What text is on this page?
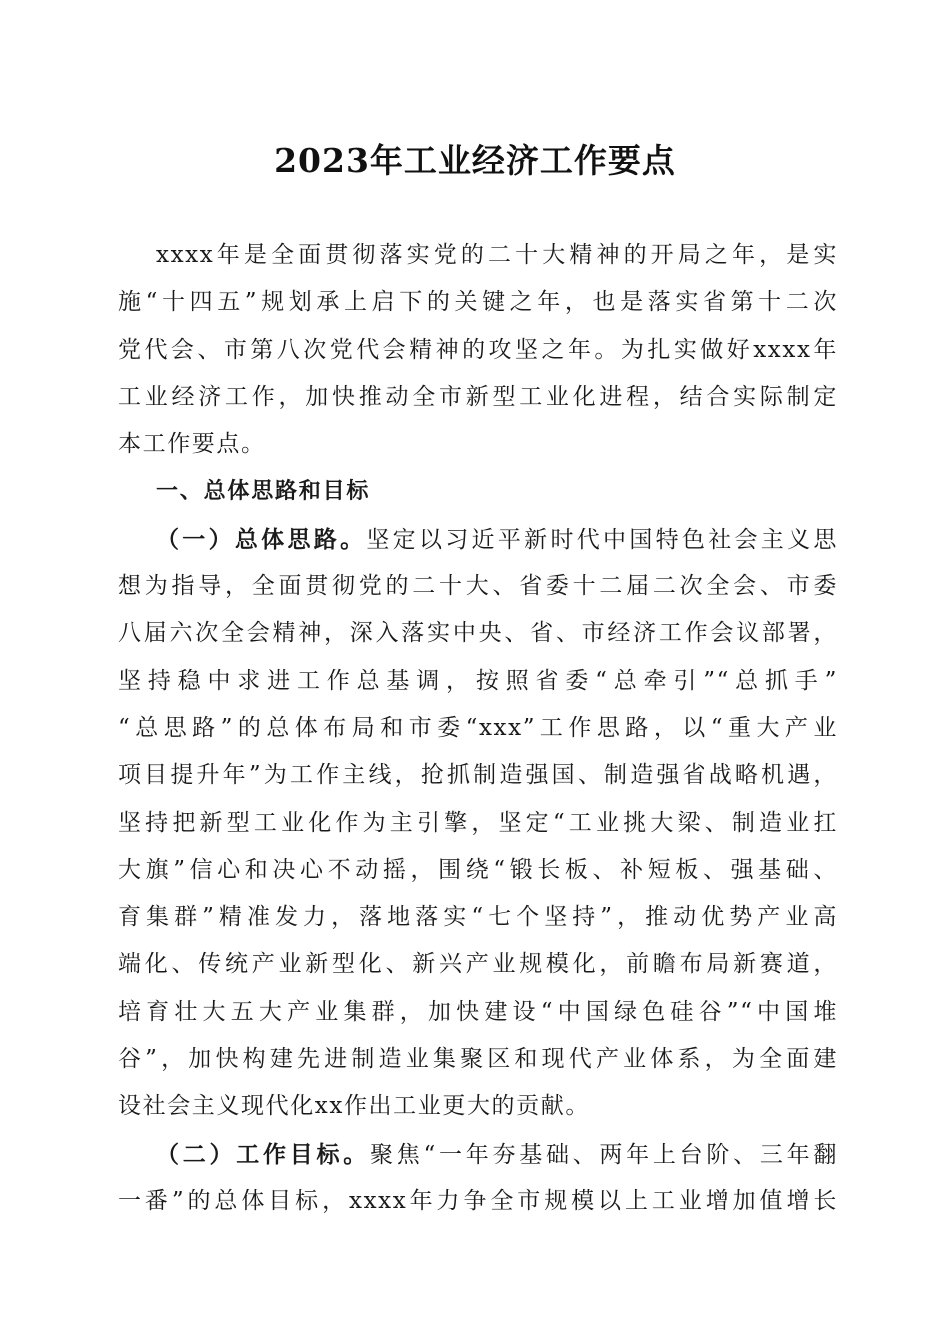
2023年工业经济工作要点
xxxx年是全面贯彻落实党的二十大精神的开局之年，是实
施“十四五”规划承上启下的关键之年，也是落实省第十二次
党代会、市第八次党代会精神的攻坚之年。为扎实做好xxxx年
工业经济工作，加快推动全市新型工业化进程，结合实际制定
本工作要点。
一、总体思路和目标
（一）总体思路。坚定以习近平新时代中国特色社会主义思
想为指导，全面贯彻党的二十大、省委十二届二次全会、市委
八届六次全会精神，深入落实中央、省、市经济工作会议部署，
坚持稳中求进工作总基调，按照省委“总牵引”“总抓手”
“总思路”的总体布局和市委“xxx”工作思路，以“重大产业
项目提升年”为工作主线，抢抓制造强国、制造强省战略机遇，
坚持把新型工业化作为主引擎，坚定“工业挑大梁、制造业扛
大旗”信心和决心不动摇，围绕“锻长板、补短板、强基础、
育集群”精准发力，落地落实“七个坚持”，推动优势产业高
端化、传统产业新型化、新兴产业规模化，前瞻布局新赛道，
培育壮大五大产业集群，加快建设“中国绿色硅谷”“中国堆
谷”，加快构建先进制造业集聚区和现代产业体系，为全面建
设社会主义现代化xx作出工业更大的贡献。
（二）工作目标。聚焦“一年夯基础、两年上台阶、三年翻
一番”的总体目标，xxxx年力争全市规模以上工业增加值增长
